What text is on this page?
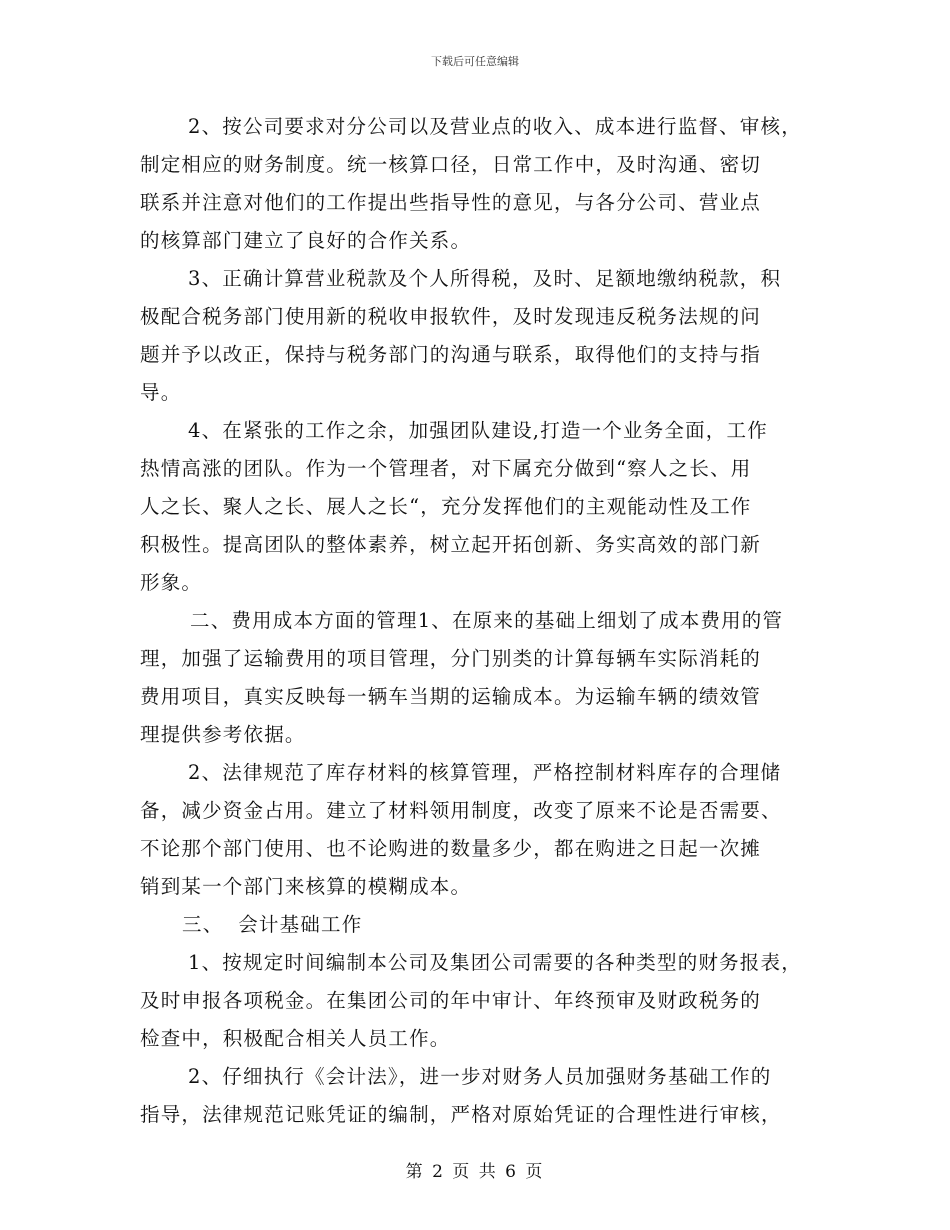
下载后可任意编辑
2、按公司要求对分公司以及营业点的收入、成本进行监督、审核，
制定相应的财务制度。统一核算口径，日常工作中，及时沟通、密切
联系并注意对他们的工作提出些指导性的意见，与各分公司、营业点
的核算部门建立了良好的合作关系。
3、正确计算营业税款及个人所得税，及时、足额地缴纳税款，积
极配合税务部门使用新的税收申报软件，及时发现违反税务法规的问
题并予以改正，保持与税务部门的沟通与联系，取得他们的支持与指
导。
4、在紧张的工作之余，加强团队建设,打造一个业务全面，工作
热情高涨的团队。作为一个管理者，对下属充分做到“察人之长、用
人之长、聚人之长、展人之长“，充分发挥他们的主观能动性及工作
积极性。提高团队的整体素养，树立起开拓创新、务实高效的部门新
形象。
二、费用成本方面的管理1、在原来的基础上细划了成本费用的管
理，加强了运输费用的项目管理，分门别类的计算每辆车实际消耗的
费用项目，真实反映每一辆车当期的运输成本。为运输车辆的绩效管
理提供参考依据。
2、法律规范了库存材料的核算管理，严格控制材料库存的合理储
备，减少资金占用。建立了材料领用制度，改变了原来不论是否需要、
不论那个部门使用、也不论购进的数量多少，都在购进之日起一次摊
销到某一个部门来核算的模糊成本。
三、  会计基础工作
1、按规定时间编制本公司及集团公司需要的各种类型的财务报表，
及时申报各项税金。在集团公司的年中审计、年终预审及财政税务的
检查中，积极配合相关人员工作。
2、仔细执行《会计法》，进一步对财务人员加强财务基础工作的
指导，法律规范记账凭证的编制，严格对原始凭证的合理性进行审核，
第 2 页 共 6 页
